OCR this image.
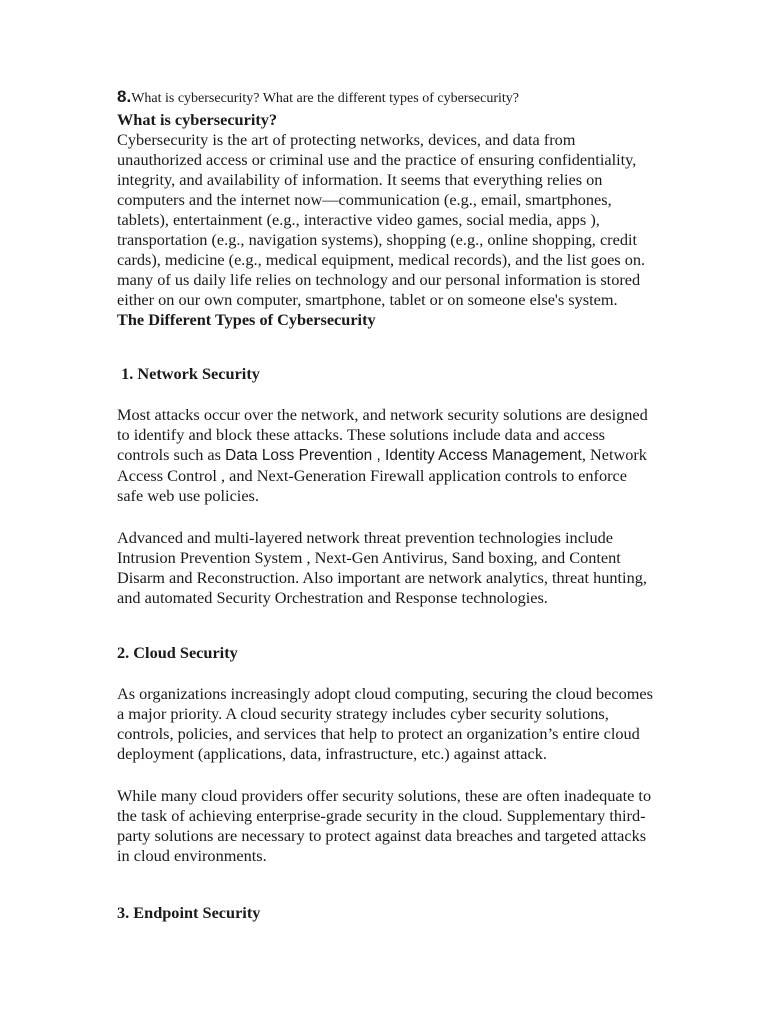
8.What is cybersecurity? What are the different types of cybersecurity?

What is cybersecurity?

Cybersecurity is the art of protecting networks, devices, and data from unauthorized access or criminal use and the practice of ensuring confidentiality, integrity, and availability of information. It seems that everything relies on computers and the internet now—communication (e.g., email, smartphones, tablets), entertainment (e.g., interactive video games, social media, apps ), transportation (e.g., navigation systems), shopping (e.g., online shopping, credit cards), medicine (e.g., medical equipment, medical records), and the list goes on. many of us daily life relies on technology and our personal information is stored either on our own computer, smartphone, tablet or on someone else's system.

The Different Types of Cybersecurity

1. Network Security

Most attacks occur over the network, and network security solutions are designed to identify and block these attacks. These solutions include data and access controls such as Data Loss Prevention , Identity Access Management, Network Access Control , and Next-Generation Firewall application controls to enforce safe web use policies.

Advanced and multi-layered network threat prevention technologies include Intrusion Prevention System , Next-Gen Antivirus, Sand boxing, and Content Disarm and Reconstruction. Also important are network analytics, threat hunting, and automated Security Orchestration and Response technologies.

2. Cloud Security

As organizations increasingly adopt cloud computing, securing the cloud becomes a major priority. A cloud security strategy includes cyber security solutions, controls, policies, and services that help to protect an organization’s entire cloud deployment (applications, data, infrastructure, etc.) against attack.

While many cloud providers offer security solutions, these are often inadequate to the task of achieving enterprise-grade security in the cloud. Supplementary third-party solutions are necessary to protect against data breaches and targeted attacks in cloud environments.

3. Endpoint Security
